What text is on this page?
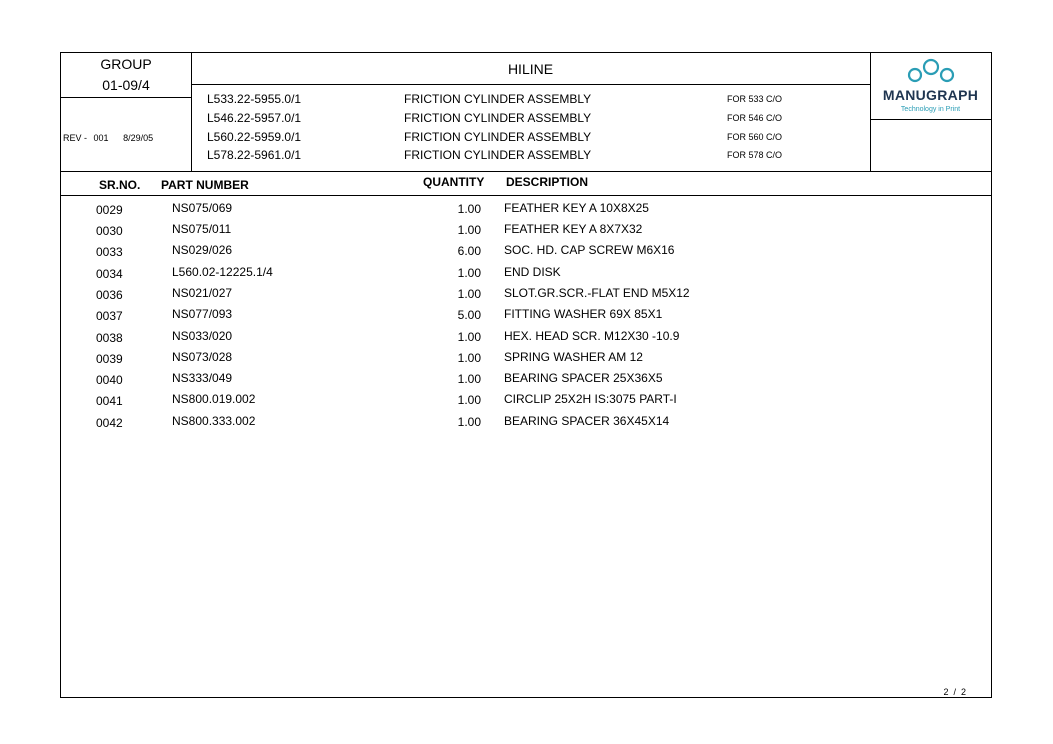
GROUP
01-09/4
REV - 001 8/29/05
HILINE
L533.22-5955.0/1	FRICTION CYLINDER ASSEMBLY	FOR 533 C/O
L546.22-5957.0/1	FRICTION CYLINDER ASSEMBLY	FOR 546 C/O
L560.22-5959.0/1	FRICTION CYLINDER ASSEMBLY	FOR 560 C/O
L578.22-5961.0/1	FRICTION CYLINDER ASSEMBLY	FOR 578 C/O
MANUGRAPH
Technology in Print
SR.NO. PART NUMBER	QUANTITY DESCRIPTION
0029	NS075/069	1.00 FEATHER KEY A 10X8X25
0030	NS075/011	1.00 FEATHER KEY A 8X7X32
0033	NS029/026	6.00 SOC. HD. CAP SCREW M6X16
0034	L560.02-12225.1/4	1.00 END DISK
0036	NS021/027	1.00 SLOT.GR.SCR.-FLAT END M5X12
0037	NS077/093	5.00 FITTING WASHER 69X 85X1
0038	NS033/020	1.00 HEX. HEAD SCR. M12X30 -10.9
0039	NS073/028	1.00 SPRING WASHER AM 12
0040	NS333/049	1.00 BEARING SPACER 25X36X5
0041	NS800.019.002	1.00 CIRCLIP 25X2H IS:3075 PART-I
0042	NS800.333.002	1.00 BEARING SPACER 36X45X14
2  /  2
